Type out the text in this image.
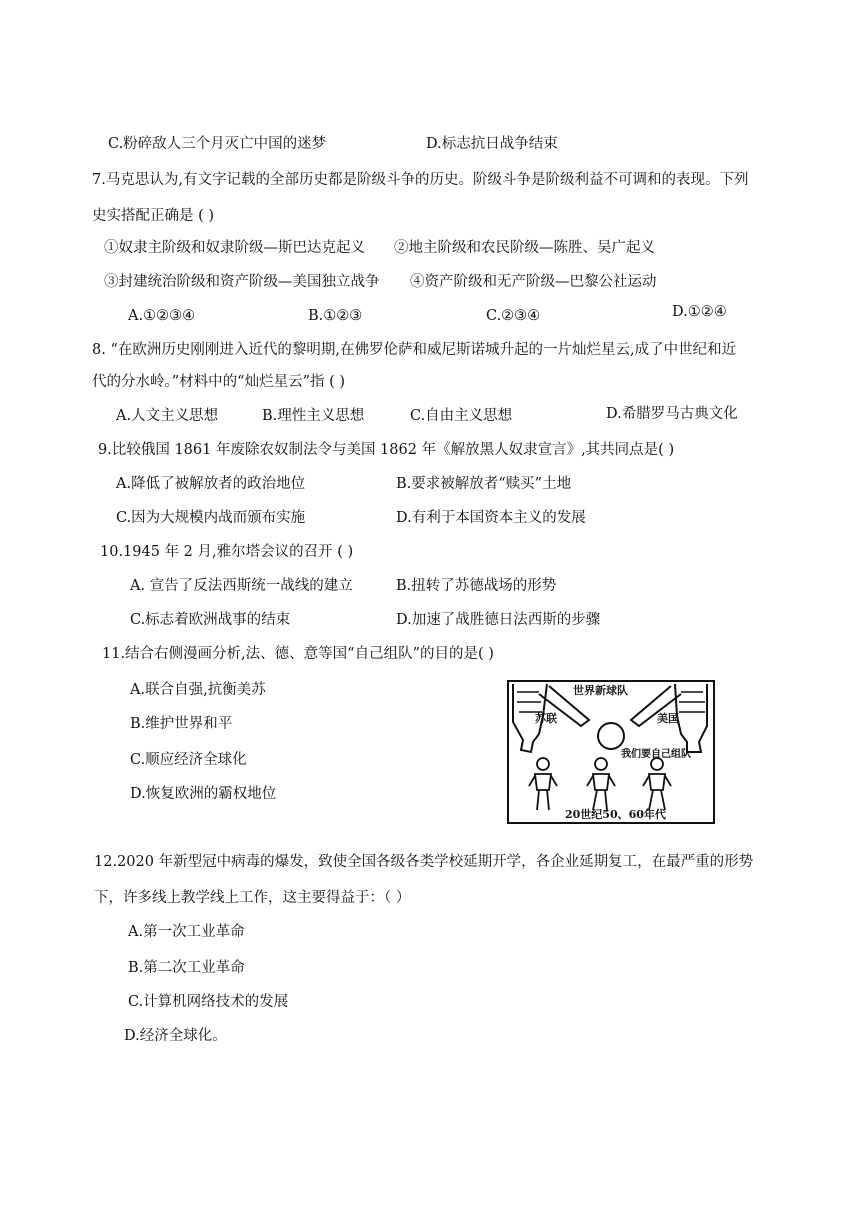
C.粉碎敌人三个月灭亡中国的迷梦	D.标志抗日战争结束
7.马克思认为,有文字记载的全部历史都是阶级斗争的历史。阶级斗争是阶级利益不可调和的表现。下列
史实搭配正确是 ( )
①奴隶主阶级和奴隶阶级—斯巴达克起义 ②地主阶级和农民阶级—陈胜、吴广起义
③封建统治阶级和资产阶级—美国独立战争 ④资产阶级和无产阶级—巴黎公社运动
A.①②③④	B.①②③	C.②③④	D.①②④
8. “在欧洲历史刚刚进入近代的黎明期,在佛罗伦萨和威尼斯诺城升起的一片灿烂星云,成了中世纪和近
代的分水岭。”材料中的“灿烂星云”指 ( )
A.人文主义思想	B.理性主义思想	C.自由主义思想	D.希腊罗马古典文化
9.比较俄国 1861 年废除农奴制法令与美国 1862 年《解放黑人奴隶宣言》,其共同点是( )
A.降低了被解放者的政治地位	B.要求被解放者“赎买”土地
C.因为大规模内战而颁布实施	D.有利于本国资本主义的发展
10.1945 年 2 月,雅尔塔会议的召开 ( )
A. 宣告了反法西斯统一战线的建立	B.扭转了苏德战场的形势
C.标志着欧洲战事的结束	D.加速了战胜德日法西斯的步骤
11.结合右侧漫画分析,法、德、意等国“自己组队”的目的是( )
A.联合自强,抗衡美苏
B.维护世界和平
C.顺应经济全球化
D.恢复欧洲的霸权地位
世界新球队
苏联	美国
我们要自己组队
20世纪50、60年代
12.2020 年新型冠中病毒的爆发，致使全国各级各类学校延期开学，各企业延期复工，在最严重的形势
下，许多线上教学线上工作，这主要得益于：（ ）
A.第一次工业革命
B.第二次工业革命
C.计算机网络技术的发展
D.经济全球化。
